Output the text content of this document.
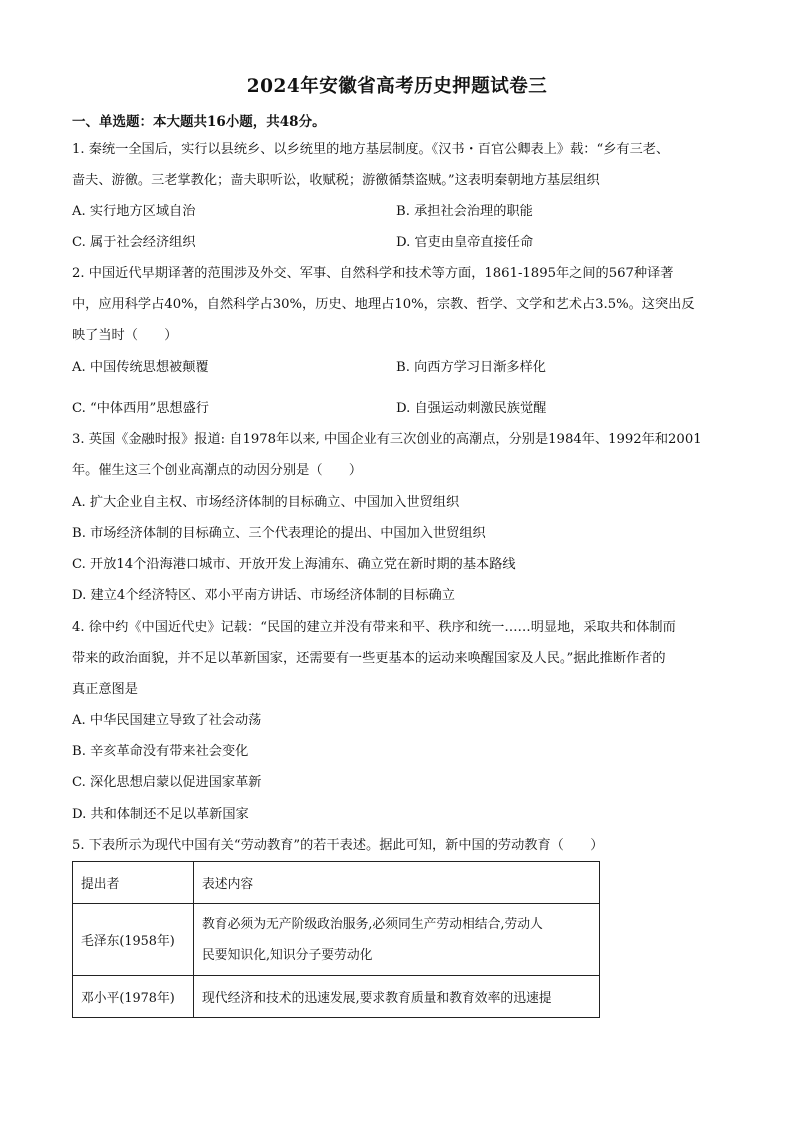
2024年安徽省高考历史押题试卷三
一、单选题：本大题共16小题，共48分。
1. 秦统一全国后，实行以县统乡、以乡统里的地方基层制度。《汉书・百官公卿表上》载：“乡有三老、
啬夫、游徼。三老掌教化；啬夫职听讼，收赋税；游徼循禁盗贼。”这表明秦朝地方基层组织
A. 实行地方区域自治	B. 承担社会治理的职能
C. 属于社会经济组织	D. 官吏由皇帝直接任命
2. 中国近代早期译著的范围涉及外交、军事、自然科学和技术等方面，1861-1895年之间的567种译著
中，应用科学占40%，自然科学占30%，历史、地理占10%，宗教、哲学、文学和艺术占3.5%。这突出反
映了当时（　　）
A. 中国传统思想被颠覆	B. 向西方学习日渐多样化
C. “中体西用”思想盛行	D. 自强运动刺激民族觉醒
3. 英国《金融时报》报道: 自1978年以来, 中国企业有三次创业的高潮点，分别是1984年、1992年和2001
年。催生这三个创业高潮点的动因分别是（　　）
A. 扩大企业自主权、市场经济体制的目标确立、中国加入世贸组织
B. 市场经济体制的目标确立、三个代表理论的提出、中国加入世贸组织
C. 开放14个沿海港口城市、开放开发上海浦东、确立党在新时期的基本路线
D. 建立4个经济特区、邓小平南方讲话、市场经济体制的目标确立
4. 徐中约《中国近代史》记载：“民国的建立并没有带来和平、秩序和统一……明显地，采取共和体制而
带来的政治面貌，并不足以革新国家，还需要有一些更基本的运动来唤醒国家及人民。”据此推断作者的
真正意图是
A. 中华民国建立导致了社会动荡
B. 辛亥革命没有带来社会变化
C. 深化思想启蒙以促进国家革新
D. 共和体制还不足以革新国家
5. 下表所示为现代中国有关“劳动教育”的若干表述。据此可知，新中国的劳动教育（　　）
提出者	表述内容
毛泽东(1958年)	教育必须为无产阶级政治服务,必须同生产劳动相结合,劳动人
民要知识化,知识分子要劳动化

邓小平(1978年)	现代经济和技术的迅速发展,要求教育质量和教育效率的迅速提
